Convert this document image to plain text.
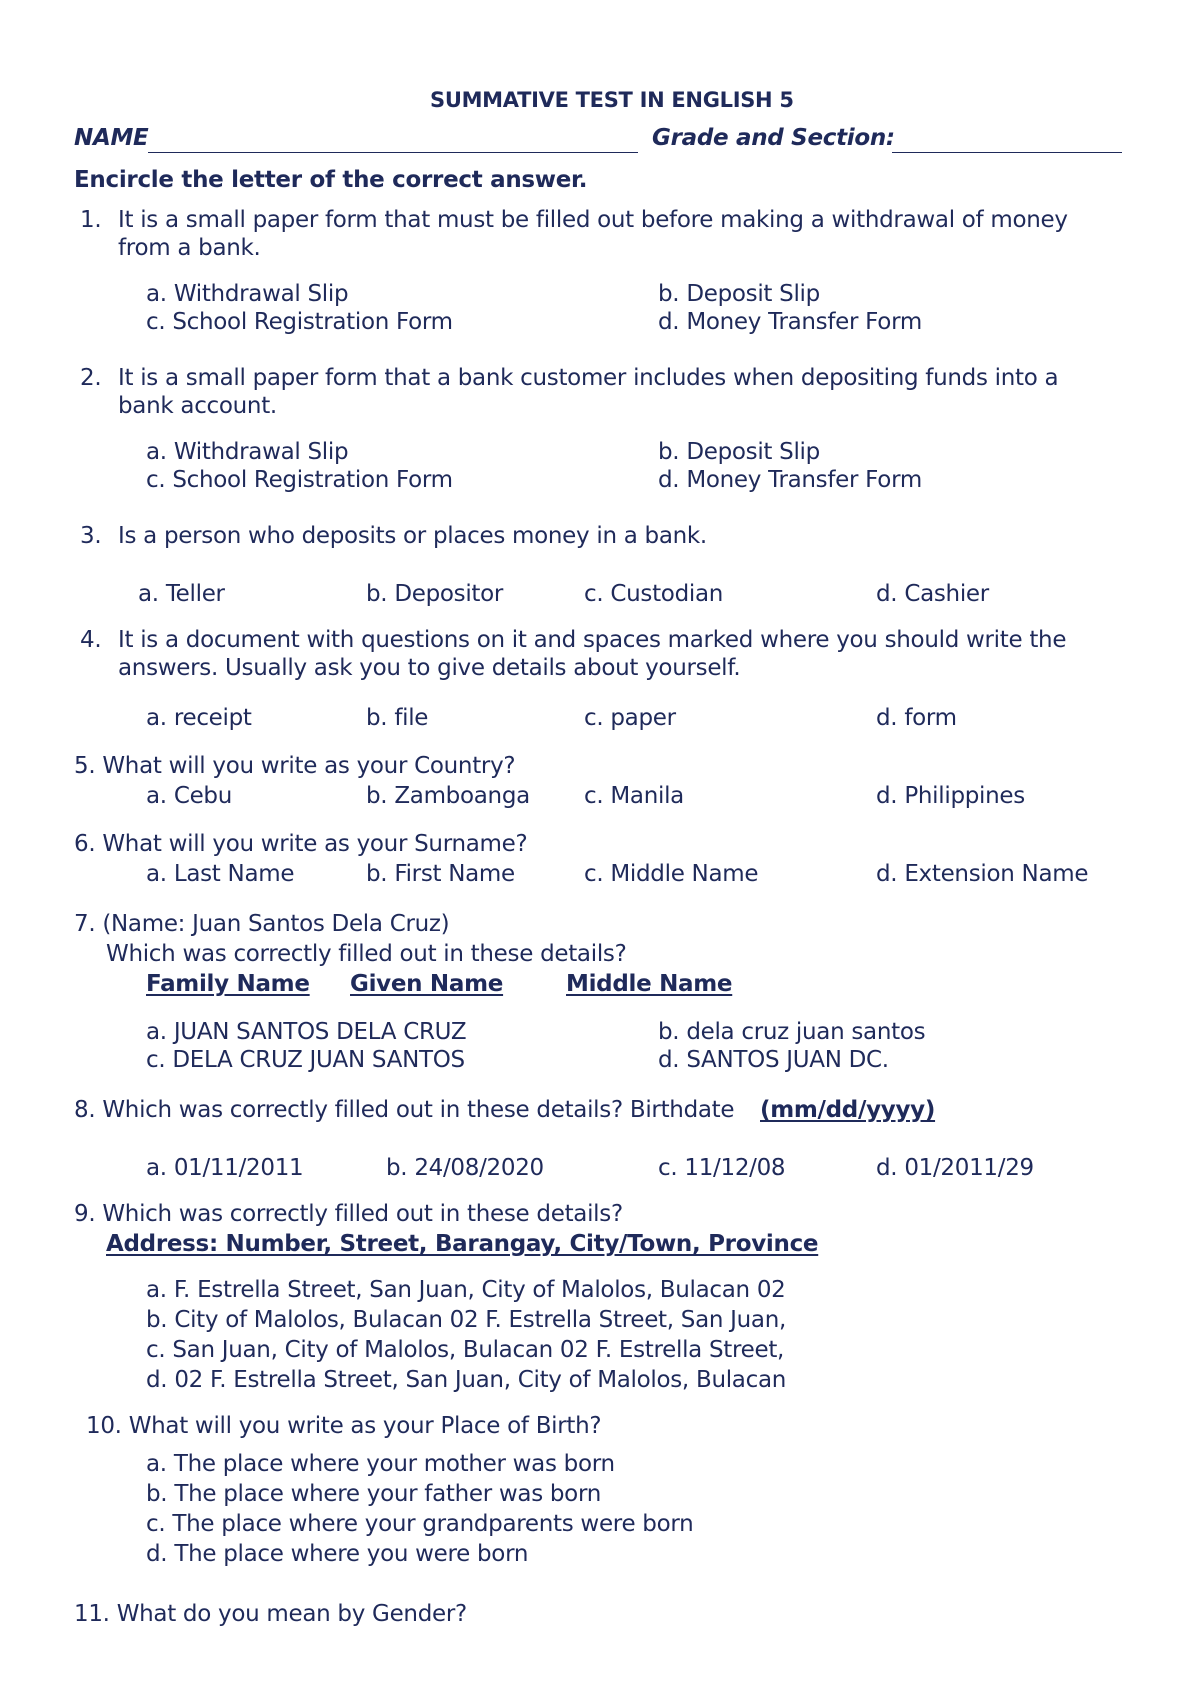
SUMMATIVE TEST IN ENGLISH 5
NAME	Grade and Section:
Encircle the letter of the correct answer.
1. It is a small paper form that must be filled out before making a withdrawal of money
from a bank.
a. Withdrawal Slip	b. Deposit Slip
c. School Registration Form	d. Money Transfer Form
2. It is a small paper form that a bank customer includes when depositing funds into a
bank account.
a. Withdrawal Slip	b. Deposit Slip
c. School Registration Form	d. Money Transfer Form
3. Is a person who deposits or places money in a bank.
a. Teller	b. Depositor	c. Custodian	d. Cashier
4. It is a document with questions on it and spaces marked where you should write the
answers. Usually ask you to give details about yourself.
a. receipt	b. file	c. paper	d. form
5. What will you write as your Country?
a. Cebu	b. Zamboanga c. Manila	d. Philippines
6. What will you write as your Surname?
a. Last Name	b. First Name	c. Middle Name	d. Extension Name
7. (Name: Juan Santos Dela Cruz)
Which was correctly filled out in these details?
Family Name Given Name	Middle Name
a. JUAN SANTOS DELA CRUZ	b. dela cruz juan santos
c. DELA CRUZ JUAN SANTOS	d. SANTOS JUAN DC.
8. Which was correctly filled out in these details? Birthdate (mm/dd/yyyy)
a. 01/11/2011	b. 24/08/2020	c. 11/12/08	d. 01/2011/29
9. Which was correctly filled out in these details?
Address: Number, Street, Barangay, City/Town, Province
a. F. Estrella Street, San Juan, City of Malolos, Bulacan 02
b. City of Malolos, Bulacan 02 F. Estrella Street, San Juan,
c. San Juan, City of Malolos, Bulacan 02 F. Estrella Street,
d. 02 F. Estrella Street, San Juan, City of Malolos, Bulacan
10. What will you write as your Place of Birth?
a. The place where your mother was born
b. The place where your father was born
c. The place where your grandparents were born
d. The place where you were born
11. What do you mean by Gender?
